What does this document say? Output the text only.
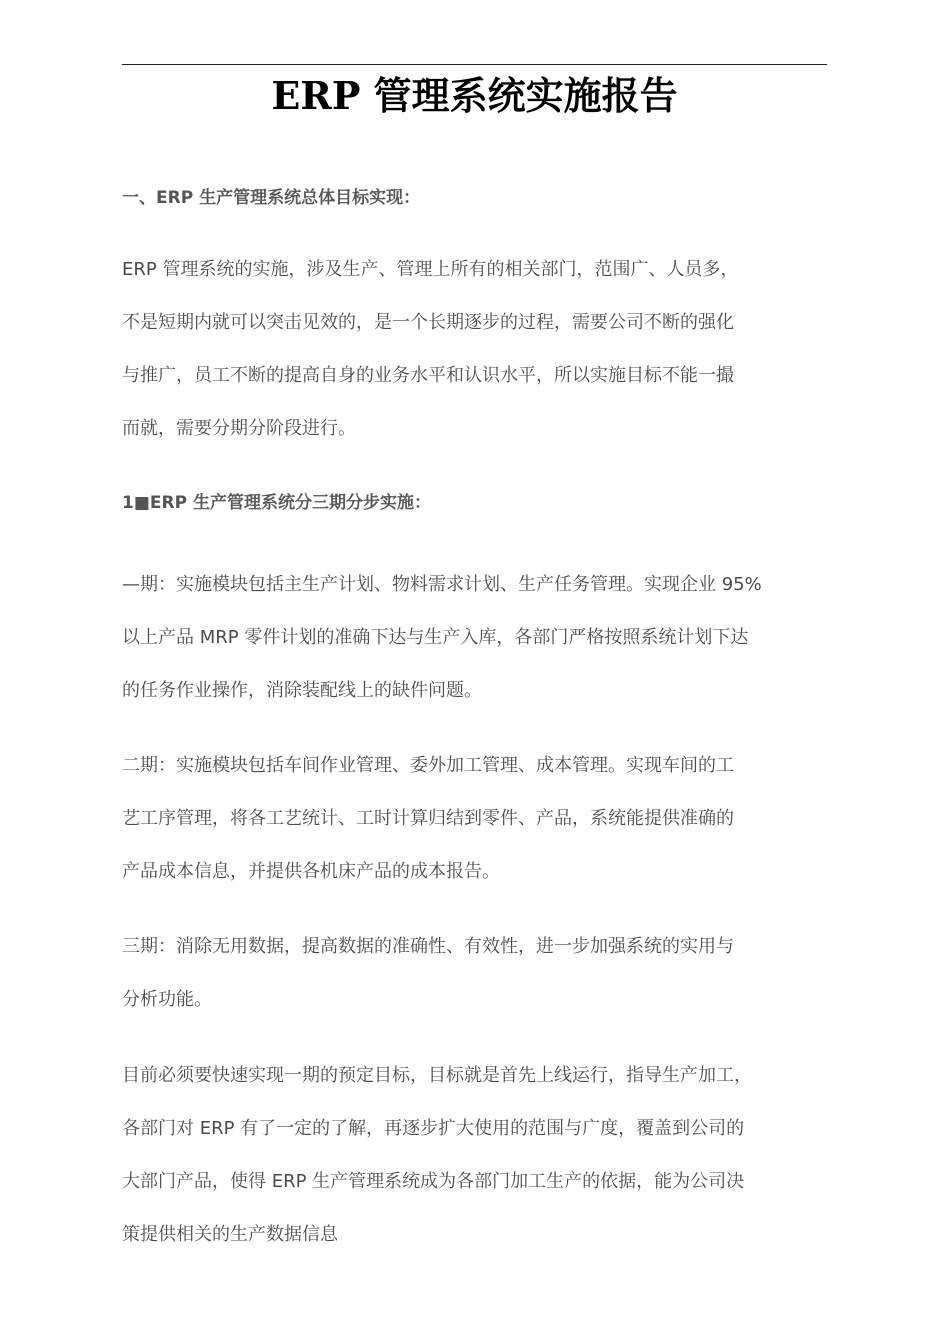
ERP 管理系统实施报告

一、ERP 生产管理系统总体目标实现：

ERP 管理系统的实施，涉及生产、管理上所有的相关部门，范围广、人员多，
不是短期内就可以突击见效的，是一个长期逐步的过程，需要公司不断的强化
与推广，员工不断的提高自身的业务水平和认识水平，所以实施目标不能一撮
而就，需要分期分阶段进行。

1■ERP 生产管理系统分三期分步实施：

—期：实施模块包括主生产计划、物料需求计划、生产任务管理。实现企业 95%
以上产品 MRP 零件计划的准确下达与生产入库，各部门严格按照系统计划下达
的任务作业操作，消除装配线上的缺件问题。

二期：实施模块包括车间作业管理、委外加工管理、成本管理。实现车间的工
艺工序管理，将各工艺统计、工时计算归结到零件、产品，系统能提供准确的
产品成本信息，并提供各机床产品的成本报告。

三期：消除无用数据，提高数据的准确性、有效性，进一步加强系统的实用与
分析功能。

目前必须要快速实现一期的预定目标，目标就是首先上线运行，指导生产加工，
各部门对 ERP 有了一定的了解，再逐步扩大使用的范围与广度，覆盖到公司的
大部门产品，使得 ERP 生产管理系统成为各部门加工生产的依据，能为公司决
策提供相关的生产数据信息
